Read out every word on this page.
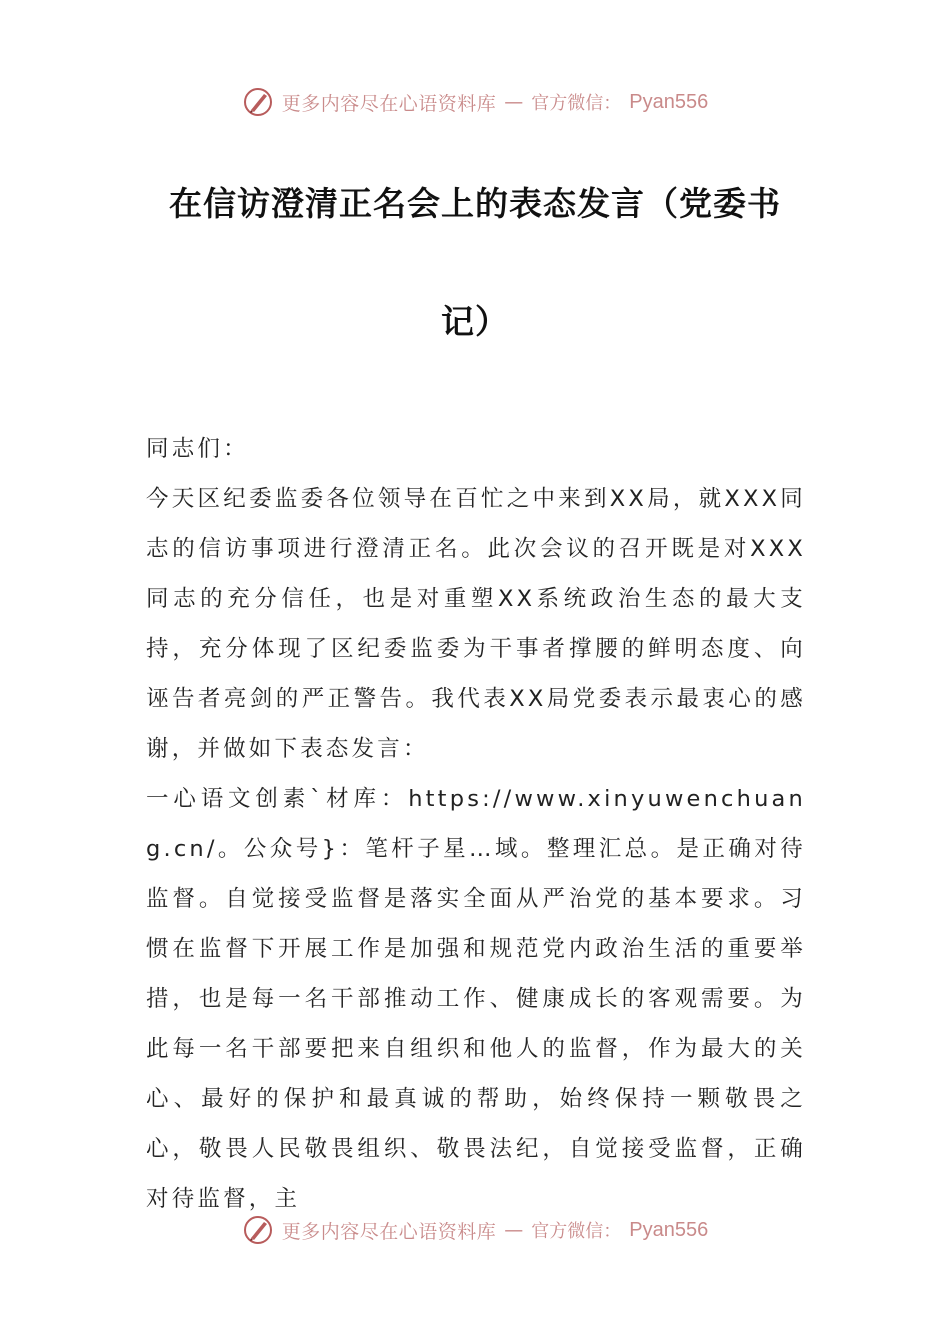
更多内容尽在心语资料库 — 官方微信： Pyan556
在信访澄清正名会上的表态发言（党委书
记）

同志们：

今天区纪委监委各位领导在百忙之中来到XX局，就XXX同志的信访事项进行澄清正名。此次会议的召开既是对XXX同志的充分信任，也是对重塑XX系统政治生态的最大支持，充分体现了区纪委监委为干事者撑腰的鲜明态度、向诬告者亮剑的严正警告。我代表XX局党委表示最衷心的感谢，并做如下表态发言：

一心语文创素`材库：https://www.xinyuwenchuang.cn/。公众号}：笔杆子星…域。整理汇总。是正确对待监督。自觉接受监督是落实全面从严治党的基本要求。习惯在监督下开展工作是加强和规范党内政治生活的重要举措，也是每一名干部推动工作、健康成长的客观需要。为此每一名干部要把来自组织和他人的监督，作为最大的关心、最好的保护和最真诚的帮助，始终保持一颗敬畏之心，敬畏人民敬畏组织、敬畏法纪，自觉接受监督，正确对待监督，主

更多内容尽在心语资料库 — 官方微信： Pyan556
